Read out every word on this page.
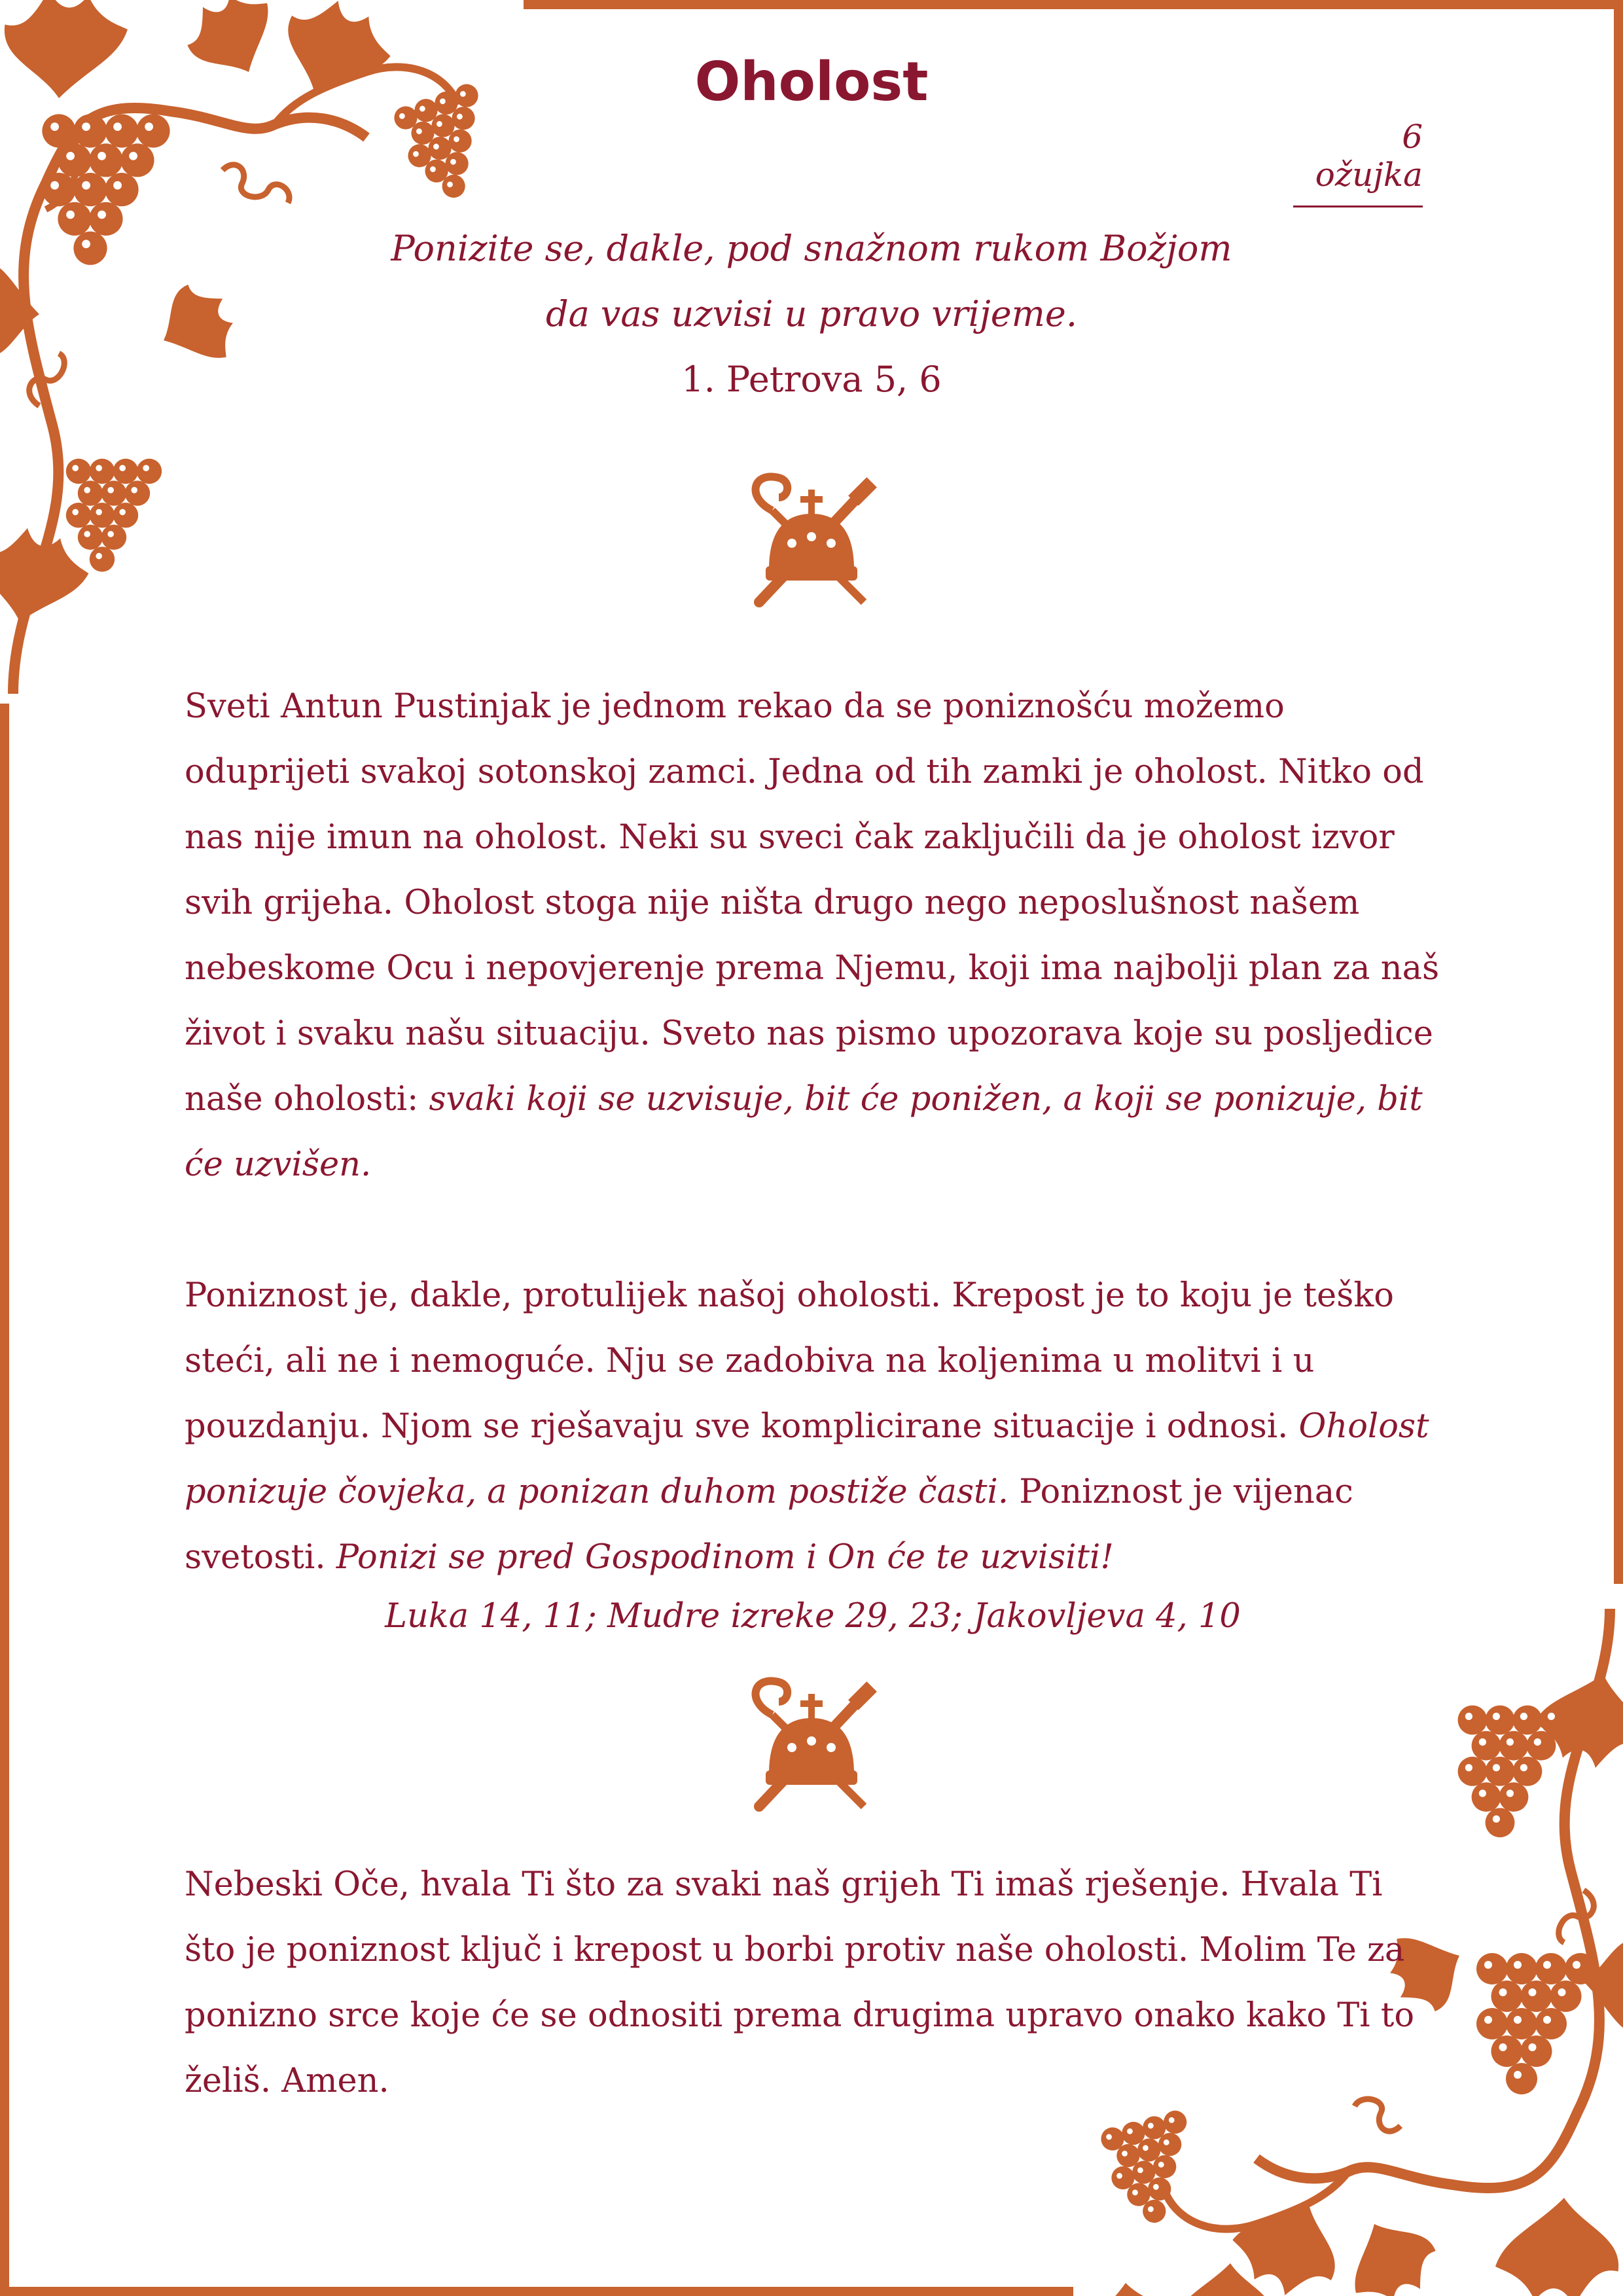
Oholost
6 ožujka
Ponizite se, dakle, pod snažnom rukom Božjom
da vas uzvisi u pravo vrijeme.
1. Petrova 5, 6

Sveti Antun Pustinjak je jednom rekao da se poniznošću možemo oduprijeti svakoj sotonskoj zamci. Jedna od tih zamki je oholost. Nitko od nas nije imun na oholost. Neki su sveci čak zaključili da je oholost izvor svih grijeha. Oholost stoga nije ništa drugo nego neposlušnost našem nebeskome Ocu i nepovjerenje prema Njemu, koji ima najbolji plan za naš život i svaku našu situaciju. Sveto nas pismo upozorava koje su posljedice naše oholosti: svaki koji se uzvisuje, bit će ponižen, a koji se ponizuje, bit će uzvišen.

Poniznost je, dakle, protulijek našoj oholosti. Krepost je to koju je teško steći, ali ne i nemoguće. Nju se zadobiva na koljenima u molitvi i u pouzdanju. Njom se rješavaju sve komplicirane situacije i odnosi. Oholost ponizuje čovjeka, a ponizan duhom postiže časti. Poniznost je vijenac svetosti. Ponizi se pred Gospodinom i On će te uzvisiti!

Luka 14, 11; Mudre izreke 29, 23; Jakovljeva 4, 10

Nebeski Oče, hvala Ti što za svaki naš grijeh Ti imaš rješenje. Hvala Ti što je poniznost ključ i krepost u borbi protiv naše oholosti. Molim Te za ponizno srce koje će se odnositi prema drugima upravo onako kako Ti to želiš. Amen.
